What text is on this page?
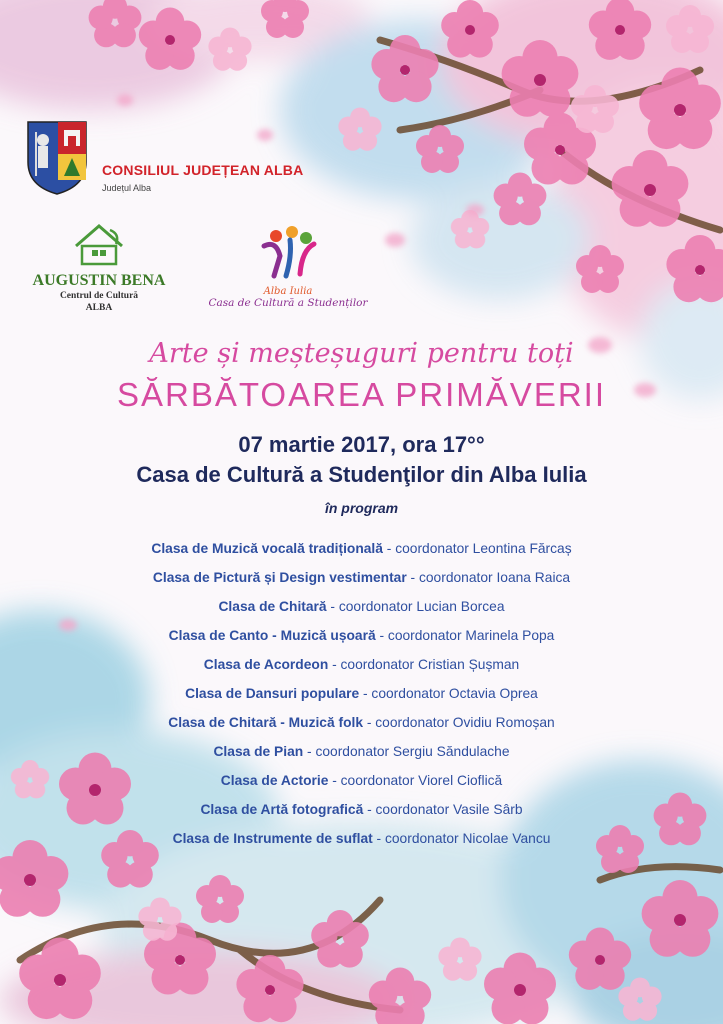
CONSILIUL JUDEȚEAN ALBA
Județul Alba
AUGUSTIN BENA
Centrul de Cultură
ALBA
Alba Iulia
Casa de Cultură a Studenților
Arte și meșteșuguri pentru toți
SĂRBĂTOAREA PRIMĂVERII
07 martie 2017, ora 17°°
Casa de Cultură a Studenţilor din Alba Iulia
în program
Clasa de Muzică vocală tradițională - coordonator Leontina Fărcaș
Clasa de Pictură și Design vestimentar - coordonator Ioana Raica
Clasa de Chitară - coordonator Lucian Borcea
Clasa de Canto - Muzică ușoară - coordonator Marinela Popa
Clasa de Acordeon - coordonator Cristian Șușman
Clasa de Dansuri populare - coordonator Octavia Oprea
Clasa de Chitară - Muzică folk - coordonator Ovidiu Romoșan
Clasa de Pian - coordonator Sergiu Săndulache
Clasa de Actorie - coordonator Viorel Cioflică
Clasa de Artă fotografică - coordonator Vasile Sârb
Clasa de Instrumente de suflat - coordonator Nicolae Vancu
